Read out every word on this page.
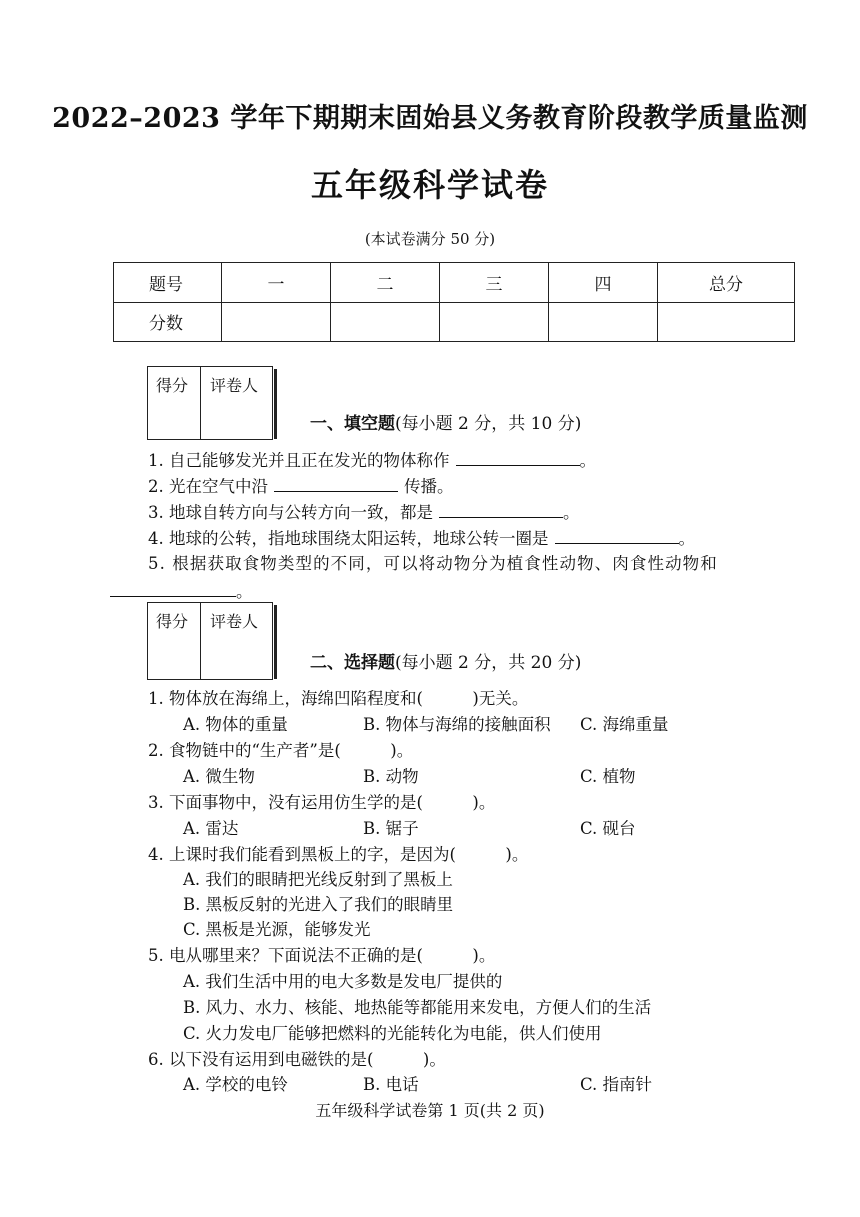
2022–2023 学年下期期末固始县义务教育阶段教学质量监测
五年级科学试卷
(本试卷满分 50 分)
题号	一	二	三	四	总分
分数					
得分 评卷人
一、填空题(每小题 2 分，共 10 分)
1. 自己能够发光并且正在发光的物体称作	。
2. 光在空气中沿	传播。
3. 地球自转方向与公转方向一致，都是	。
4. 地球的公转，指地球围绕太阳运转，地球公转一圈是	。
5. 根据获取食物类型的不同，可以将动物分为植食性动物、肉食性动物和
。
得分 评卷人
二、选择题(每小题 2 分，共 20 分)
1. 物体放在海绵上，海绵凹陷程度和(　　　)无关。
A. 物体的重量	B. 物体与海绵的接触面积 C. 海绵重量
2. 食物链中的“生产者”是(　　　)。
A. 微生物	B. 动物	C. 植物
3. 下面事物中，没有运用仿生学的是(　　　)。
A. 雷达	B. 锯子	C. 砚台
4. 上课时我们能看到黑板上的字，是因为(　　　)。
A. 我们的眼睛把光线反射到了黑板上
B. 黑板反射的光进入了我们的眼睛里
C. 黑板是光源，能够发光
5. 电从哪里来？下面说法不正确的是(　　　)。
A. 我们生活中用的电大多数是发电厂提供的
B. 风力、水力、核能、地热能等都能用来发电，方便人们的生活
C. 火力发电厂能够把燃料的光能转化为电能，供人们使用
6. 以下没有运用到电磁铁的是(　　　)。
A. 学校的电铃	B. 电话	C. 指南针
五年级科学试卷第 1 页(共 2 页)
